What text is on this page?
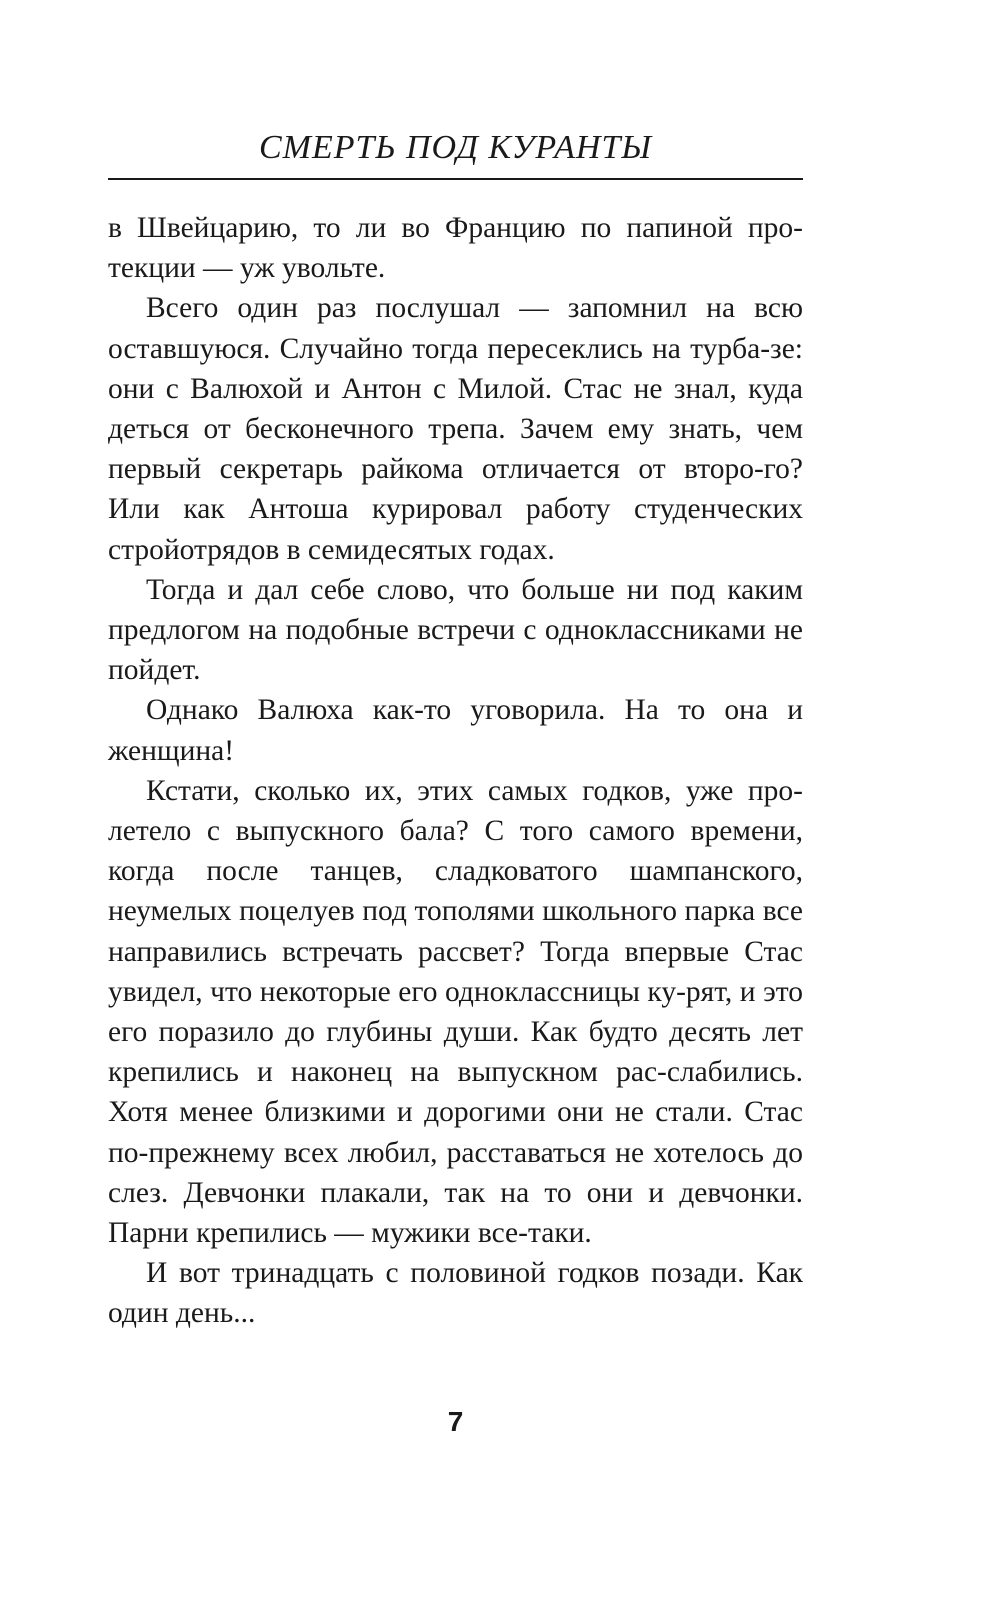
СМЕРТЬ ПОД КУРАНТЫ

в Швейцарию, то ли во Францию по папиной про-текции — уж увольте.

Всего один раз послушал — запомнил на всю оставшуюся. Случайно тогда пересеклись на турба-зе: они с Валюхой и Антон с Милой. Стас не знал, куда деться от бесконечного трепа. Зачем ему знать, чем первый секретарь райкома отличается от второ-го? Или как Антоша курировал работу студенческих стройотрядов в семидесятых годах.

Тогда и дал себе слово, что больше ни под каким предлогом на подобные встречи с одноклассниками не пойдет.

Однако Валюха как-то уговорила. На то она и женщина!

Кстати, сколько их, этих самых годков, уже про-летело с выпускного бала? С того самого времени, когда после танцев, сладковатого шампанского, неумелых поцелуев под тополями школьного парка все направились встречать рассвет? Тогда впервые Стас увидел, что некоторые его одноклассницы ку-рят, и это его поразило до глубины души. Как будто десять лет крепились и наконец на выпускном рас-слабились. Хотя менее близкими и дорогими они не стали. Стас по-прежнему всех любил, расставаться не хотелось до слез. Девчонки плакали, так на то они и девчонки. Парни крепились — мужики все-таки.

И вот тринадцать с половиной годков позади. Как один день...

7
